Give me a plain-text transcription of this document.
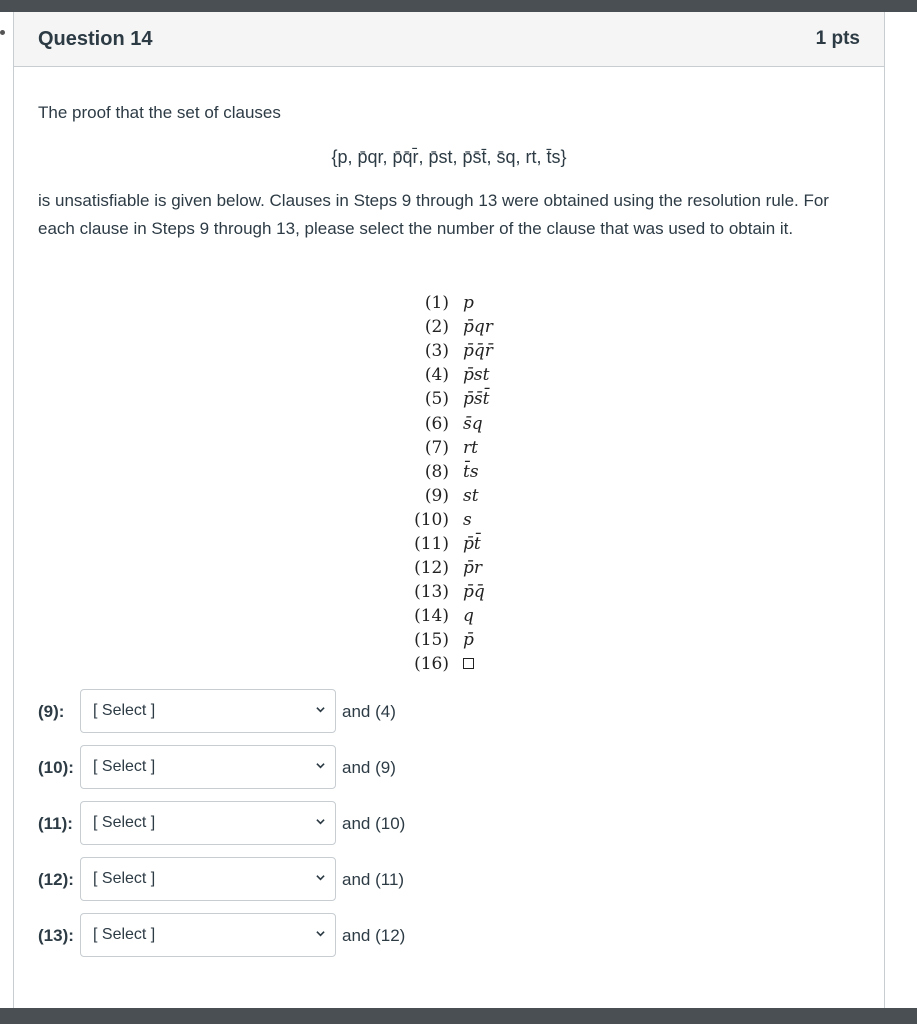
Question 14	1 pts
The proof that the set of clauses
{p, p̄qr, p̄q̄r̄, p̄st, p̄s̄t̄, s̄q, rt, t̄s}
is unsatisfiable is given below. Clauses in Steps 9 through 13 were obtained using the resolution rule. For each clause in Steps 9 through 13, please select the number of the clause that was used to obtain it.
(1) p
(2) p̄qr
(3) p̄q̄r̄
(4) p̄st
(5) p̄s̄t̄
(6) s̄q
(7) rt
(8) t̄s
(9) st
(10) s
(11) p̄t̄
(12) p̄r
(13) p̄q̄
(14) q
(15) p̄
(16)
(9): [ Select ]	and (4)
(10): [ Select ]	and (9)
(11): [ Select ]	and (10)
(12): [ Select ]	and (11)
(13): [ Select ]	and (12)
